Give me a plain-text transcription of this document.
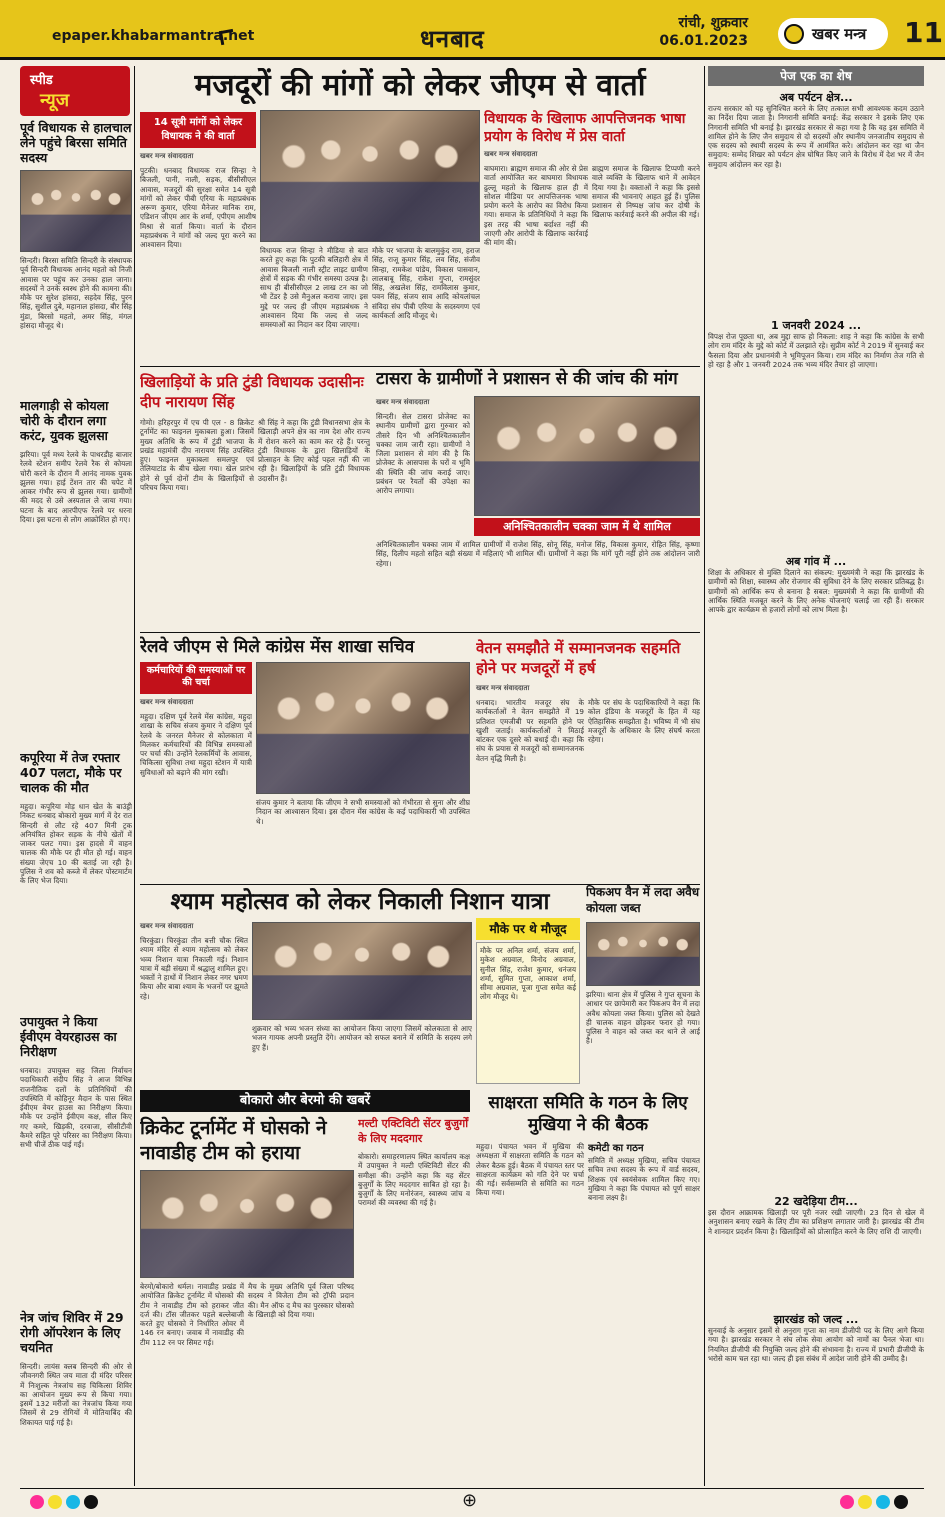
epaper.khabarmantra.net	धनबाद
रांची, शुक्रवार
06.01.2023	खबर मन्त्र	11
स्पीड
न्यूज
पूर्व विधायक से हालचाल लेने पहुंचे बिरसा समिति सदस्य
सिन्दरी। बिरसा समिति सिन्दरी के संस्थापक पूर्व सिन्दरी विधायक आनंद महतो को निजी आवास पर पहुंच कर उनका हाल जाना। सदस्यों ने उनके स्वस्थ होने की कामना की। मौके पर सुरेश हांसदा, सहदेव सिंह, पुरन सिंह, सुशील दुबे, महानाल हांसदा, बीर सिंह मुंडा, बिरसो महतो, अमर सिंह, मंगल हांसदा मौजूद थे।
मालगाड़ी से कोयला चोरी के दौरान लगा करंट, युवक झुलसा
झरिया। पूर्व मध्य रेलवे के पाथरडीह बाजार रेलवे स्टेशन समीप रेलवे रैक से कोयला चोरी करने के दौरान मैं आनंद नामक युवक झुलस गया। हाई टेंशन तार की चपेट में आकर गंभीर रूप से झुलस गया। ग्रामीणों की मदद से उसे अस्पताल ले जाया गया। घटना के बाद आरपीएफ रेलवे पर धरना दिया। इस घटना से लोग आक्रोशित हो गए।
कपूरिया में तेज रफ्तार 407 पलटा, मौके पर चालक की मौत
महुदा। कपूरिया मोड़ धान खेत के बाउंड्री निकट धनबाद बोकारो मुख्य मार्ग में देर रात सिन्दरी से लौट रहे 407 मिनी ट्रक अनियंत्रित होकर सड़क के नीचे खेतों में जाकर पलट गया। इस हादसे में वाहन चालक की मौके पर ही मौत हो गई। वाहन संख्या जेएच 10 की बताई जा रही है। पुलिस ने शव को कब्जे में लेकर पोस्टमार्टम के लिए भेज दिया।
उपायुक्त ने किया ईवीएम वेयरहाउस का निरीक्षण
धनबाद। उपायुक्त सह जिला निर्वाचन पदाधिकारी संदीप सिंह ने आज विभिन्न राजनीतिक दलों के प्रतिनिधियों की उपस्थिति में कोहिनूर मैदान के पास स्थित ईवीएम वेयर हाउस का निरीक्षण किया। मौके पर उन्होंने ईवीएम कक्ष, सील किए गए कमरे, खिड़की, दरवाजा, सीसीटीवी कैमरे सहित पूरे परिसर का निरीक्षण किया। सभी चीजें ठीक पाई गईं।
नेत्र जांच शिविर में 29 रोगी ऑपरेशन के लिए चयनित
सिन्दरी। लायंस क्लब सिन्दरी की ओर से जीवनगरी स्थित जय माता दी मंदिर परिसर में निःशुल्क नेत्रजांच सह चिकित्सा शिविर का आयोजन मुख्य रूप से किया गया। इसमें 132 मरीजों का नेत्रजांच किया गया जिसमें से 29 रोगियों में मोतियाबिंद की शिकायत पाई गई है।
मजदूरों की मांगों को लेकर जीएम से वार्ता
14 सूत्री मांगों को लेकर विधायक ने की वार्ता
खबर मन्त्र संवाददाता
पुटकी। धनबाद विधायक राज सिन्हा ने बिजली, पानी, नाली, सड़क, बीसीसीएल आवास, मजदूरों की सुरक्षा समेत 14 सूत्री मांगों को लेकर पीबी एरिया के महाप्रबंधक अरूण कुमार, एरिया मैनेजर मानिक राम, एडिशन जीएम आर के शर्मा, एपीएम आशीष मिश्रा से वार्ता किया। वार्ता के दौरान महाप्रबंधक ने मांगों को जल्द पूरा करने का आश्वासन दिया।
विधायक राज सिन्हा ने मीडिया से बात करते हुए कहा कि पुटकी बलिहारी क्षेत्र में आवास बिजली नाली स्ट्रीट लाइट ग्रामीण क्षेत्रों में सड़क की गंभीर समस्या उत्पन्न है। साथ ही बीसीसीएल 2 लाख टन का जो भी टेंडर है उसे मैनुअल कराया जाए। इस मुद्दे पर जल्द ही जीएम महाप्रबंधक ने आश्वासन दिया कि जल्द से जल्द समस्याओं का निदान कर दिया जाएगा।
मौके पर भाजपा के बालमुकुंद राम, हराज सिंह, राजू कुमार सिंह, लव सिंह, संजीव सिन्हा, रामकेश पांडेय, विकास पासवान, लालबाबू सिंह, राकेश गुप्ता, रामसुंदर सिंह, अखलेश सिंह, रामविलास कुमार, पवन सिंह, संजय साव आदि कोयलांचल संविदा संघ पीबी एरिया के सदस्यगण एवं कार्यकर्ता आदि मौजूद थे।
विधायक के खिलाफ आपत्तिजनक भाषा प्रयोग के विरोध में प्रेस वार्ता
खबर मन्त्र संवाददाता
बाघमारा। ब्राह्मण समाज की ओर से प्रेस वार्ता आयोजित कर बाघमारा विधायक ढुल्लू महतो के खिलाफ हाल ही में सोशल मीडिया पर आपत्तिजनक भाषा प्रयोग करने के आरोप का विरोध किया गया। समाज के प्रतिनिधियों ने कहा कि इस तरह की भाषा बर्दाश्त नहीं की जाएगी और आरोपी के खिलाफ कार्रवाई की मांग की।
ब्राह्मण समाज के खिलाफ टिप्पणी करने वाले व्यक्ति के खिलाफ थाने में आवेदन दिया गया है। वक्ताओं ने कहा कि इससे समाज की भावनाएं आहत हुई हैं। पुलिस प्रशासन से निष्पक्ष जांच कर दोषी के खिलाफ कार्रवाई करने की अपील की गई।
खिलाड़ियों के प्रति टुंडी विधायक उदासीनः दीप नारायण सिंह
गोमो। हरिहरपुर में एच पी एल - 8 क्रिकेट टूर्नामेंट का फाइनल मुकाबला हुआ। जिसमें मुख्य अतिथि के रूप में टुंडी भाजपा के प्रखंड महामंत्री दीप नारायण सिंह उपस्थित हुए। फाइनल मुकाबला समलपुर एवं तेलियाटांड के बीच खेला गया। खेल प्रारंभ होने से पूर्व दोनों टीम के खिलाड़ियों से परिचय किया गया।
श्री सिंह ने कहा कि टुंडी विधानसभा क्षेत्र के खिलाड़ी अपने क्षेत्र का नाम देश और राज्य में रोशन करने का काम कर रहे हैं। परन्तु टुंडी विधायक के द्वारा खिलाड़ियों के प्रोत्साहन के लिए कोई पहल नहीं की जा रही है। खिलाड़ियों के प्रति टुंडी विधायक उदासीन हैं।
टासरा के ग्रामीणों ने प्रशासन से की जांच की मांग
खबर मन्त्र संवाददाता
सिन्दरी। सेल टासरा प्रोजेक्ट का स्थानीय ग्रामीणों द्वारा गुरुवार को तीसरे दिन भी अनिश्चितकालीन चक्का जाम जारी रहा। ग्रामीणों ने जिला प्रशासन से मांग की है कि प्रोजेक्ट के आसपास के घरों व भूमि की स्थिति की जांच कराई जाए। प्रबंधन पर रैयतों की उपेक्षा का आरोप लगाया।
अनिश्चितकालीन चक्का जाम में थे शामिल
अनिश्चितकालीन चक्का जाम में शामिल ग्रामीणों में राजेश सिंह, सोनू सिंह, मनोज सिंह, विकास कुमार, रोहित सिंह, कृष्णा सिंह, दिलीप महतो सहित बड़ी संख्या में महिलाएं भी शामिल थीं। ग्रामीणों ने कहा कि मांगें पूरी नहीं होने तक आंदोलन जारी रहेगा।
रेलवे जीएम से मिले कांग्रेस मेंस शाखा सचिव
कर्मचारियों की समस्याओं पर की चर्चा
खबर मन्त्र संवाददाता
महुदा। दक्षिण पूर्व रेलवे मेंस कांग्रेस, महुदा शाखा के सचिव संजय कुमार ने दक्षिण पूर्व रेलवे के जनरल मैनेजर से कोलकाता में मिलकर कर्मचारियों की विभिन्न समस्याओं पर चर्चा की। उन्होंने रेलकर्मियों के आवास, चिकित्सा सुविधा तथा महुदा स्टेशन में यात्री सुविधाओं को बढ़ाने की मांग रखी।
संजय कुमार ने बताया कि जीएम ने सभी समस्याओं को गंभीरता से सुना और शीघ्र निदान का आश्वासन दिया। इस दौरान मेंस कांग्रेस के कई पदाधिकारी भी उपस्थित थे।
वेतन समझौते में सम्मानजनक सहमति होने पर मजदूरों में हर्ष
खबर मन्त्र संवाददाता
धनबाद। भारतीय मजदूर संघ के कार्यकर्ताओं ने वेतन समझौते में 19 प्रतिशत एमजीबी पर सहमति होने पर खुशी जताई। कार्यकर्ताओं ने मिठाई बांटकर एक दूसरे को बधाई दी। कहा कि संघ के प्रयास से मजदूरों को सम्मानजनक वेतन वृद्धि मिली है।
मौके पर संघ के पदाधिकारियों ने कहा कि कोल इंडिया के मजदूरों के हित में यह ऐतिहासिक समझौता है। भविष्य में भी संघ मजदूरों के अधिकार के लिए संघर्ष करता रहेगा।
श्याम महोत्सव को लेकर निकाली निशान यात्रा
खबर मन्त्र संवाददाता
चिरकुंडा। चिरकुंडा तीन बत्ती चौक स्थित श्याम मंदिर से श्याम महोत्सव को लेकर भव्य निशान यात्रा निकाली गई। निशान यात्रा में बड़ी संख्या में श्रद्धालु शामिल हुए। भक्तों ने हाथों में निशान लेकर नगर भ्रमण किया और बाबा श्याम के भजनों पर झूमते रहे।
शुक्रवार को भव्य भजन संध्या का आयोजन किया जाएगा जिसमें कोलकाता से आए भजन गायक अपनी प्रस्तुति देंगे। आयोजन को सफल बनाने में समिति के सदस्य लगे हुए हैं।
मौके पर थे मौजूद
मौके पर अनिल शर्मा, संजय शर्मा, मुकेश अग्रवाल, विनोद अग्रवाल, सुनील सिंह, राजेश कुमार, धनंजय शर्मा, सुमित गुप्ता, आकाश शर्मा, सीमा अग्रवाल, पूजा गुप्ता समेत कई लोग मौजूद थे।
पिकअप वैन में लदा अवैध कोयला जब्त
झरिया। थाना क्षेत्र में पुलिस ने गुप्त सूचना के आधार पर छापेमारी कर पिकअप वैन में लदा अवैध कोयला जब्त किया। पुलिस को देखते ही चालक वाहन छोड़कर फरार हो गया। पुलिस ने वाहन को जब्त कर थाने ले आई है।
बोकारो और बेरमो की खबरें
क्रिकेट टूर्नामेंट में घोसको ने नावाडीह टीम को हराया
बेरमो/बोकारो थर्मल। नावाडीह प्रखंड में आयोजित क्रिकेट टूर्नामेंट में घोसको की टीम ने नावाडीह टीम को हराकर जीत दर्ज की। टॉस जीतकर पहले बल्लेबाजी करते हुए घोसको ने निर्धारित ओवर में 146 रन बनाए। जवाब में नावाडीह की टीम 112 रन पर सिमट गई।
मैच के मुख्य अतिथि पूर्व जिला परिषद सदस्य ने विजेता टीम को ट्रॉफी प्रदान की। मैन ऑफ द मैच का पुरस्कार घोसको के खिलाड़ी को दिया गया।
मल्टी एक्टिविटी सेंटर बुजुर्गों के लिए मददगार
बोकारो। समाहरणालय स्थित कार्यालय कक्ष में उपायुक्त ने मल्टी एक्टिविटी सेंटर की समीक्षा की। उन्होंने कहा कि यह सेंटर बुजुर्गों के लिए मददगार साबित हो रहा है। बुजुर्गों के लिए मनोरंजन, स्वास्थ्य जांच व परामर्श की व्यवस्था की गई है।
साक्षरता समिति के गठन के लिए मुखिया ने की बैठक
महुदा। पंचायत भवन में मुखिया की अध्यक्षता में साक्षरता समिति के गठन को लेकर बैठक हुई। बैठक में पंचायत स्तर पर साक्षरता कार्यक्रम को गति देने पर चर्चा की गई। सर्वसम्मति से समिति का गठन किया गया।
कमेटी का गठन
समिति में अध्यक्ष मुखिया, सचिव पंचायत सचिव तथा सदस्य के रूप में वार्ड सदस्य, शिक्षक एवं स्वयंसेवक शामिल किए गए। मुखिया ने कहा कि पंचायत को पूर्ण साक्षर बनाना लक्ष्य है।
पेज एक का शेष
अब पर्यटन क्षेत्र...
राज्य सरकार को यह सुनिश्चित करने के लिए तत्काल सभी आवश्यक कदम उठाने का निर्देश दिया जाता है। निगरानी समिति बनाई: केंद्र सरकार ने इसके लिए एक निगरानी समिति भी बनाई है। झारखंड सरकार से कहा गया है कि वह इस समिति में शामिल होने के लिए जैन समुदाय से दो सदस्यों और स्थानीय जनजातीय समुदाय से एक सदस्य को स्थायी सदस्य के रूप में आमंत्रित करे। आंदोलन कर रहा था जैन समुदाय: सम्मेद शिखर को पर्यटन क्षेत्र घोषित किए जाने के विरोध में देश भर में जैन समुदाय आंदोलन कर रहा है।
1 जनवरी 2024 ...
विपक्ष रोज पूछता था, अब मुद्दा साफ हो निकला: शाह ने कहा कि कांग्रेस के सभी लोग राम मंदिर के मुद्दे को कोर्ट में उलझाते रहे। सुप्रीम कोर्ट ने 2019 में सुनवाई कर फैसला दिया और प्रधानमंत्री ने भूमिपूजन किया। राम मंदिर का निर्माण तेज गति से हो रहा है और 1 जनवरी 2024 तक भव्य मंदिर तैयार हो जाएगा।
अब गांव में ...
शिक्षा के अधिकार से मुक्ति दिलाने का संकल्प: मुख्यमंत्री ने कहा कि झारखंड के ग्रामीणों को शिक्षा, स्वास्थ्य और रोजगार की सुविधा देने के लिए सरकार प्रतिबद्ध है। ग्रामीणों को आर्थिक रूप से बनाना है सबल: मुख्यमंत्री ने कहा कि ग्रामीणों की आर्थिक स्थिति मजबूत करने के लिए अनेक योजनाएं चलाई जा रही हैं। सरकार आपके द्वार कार्यक्रम से हजारों लोगों को लाभ मिला है।
22 खदेड़िया टीम...
इस दौरान आक्रामक खिलाड़ी पर पूरी नजर रखी जाएगी। 23 दिन से खेल में अनुशासन बनाए रखने के लिए टीम का प्रशिक्षण लगातार जारी है। झारखंड की टीम ने शानदार प्रदर्शन किया है। खिलाड़ियों को प्रोत्साहित करने के लिए राशि दी जाएगी।
झारखंड को जल्द ...
सुनवाई के अनुसार इसमें से अनुराग गुप्ता का नाम डीजीपी पद के लिए आगे किया गया है। झारखंड सरकार ने संघ लोक सेवा आयोग को नामों का पैनल भेजा था। नियमित डीजीपी की नियुक्ति जल्द होने की संभावना है। राज्य में प्रभारी डीजीपी के भरोसे काम चल रहा था। जल्द ही इस संबंध में आदेश जारी होने की उम्मीद है।
⊕
